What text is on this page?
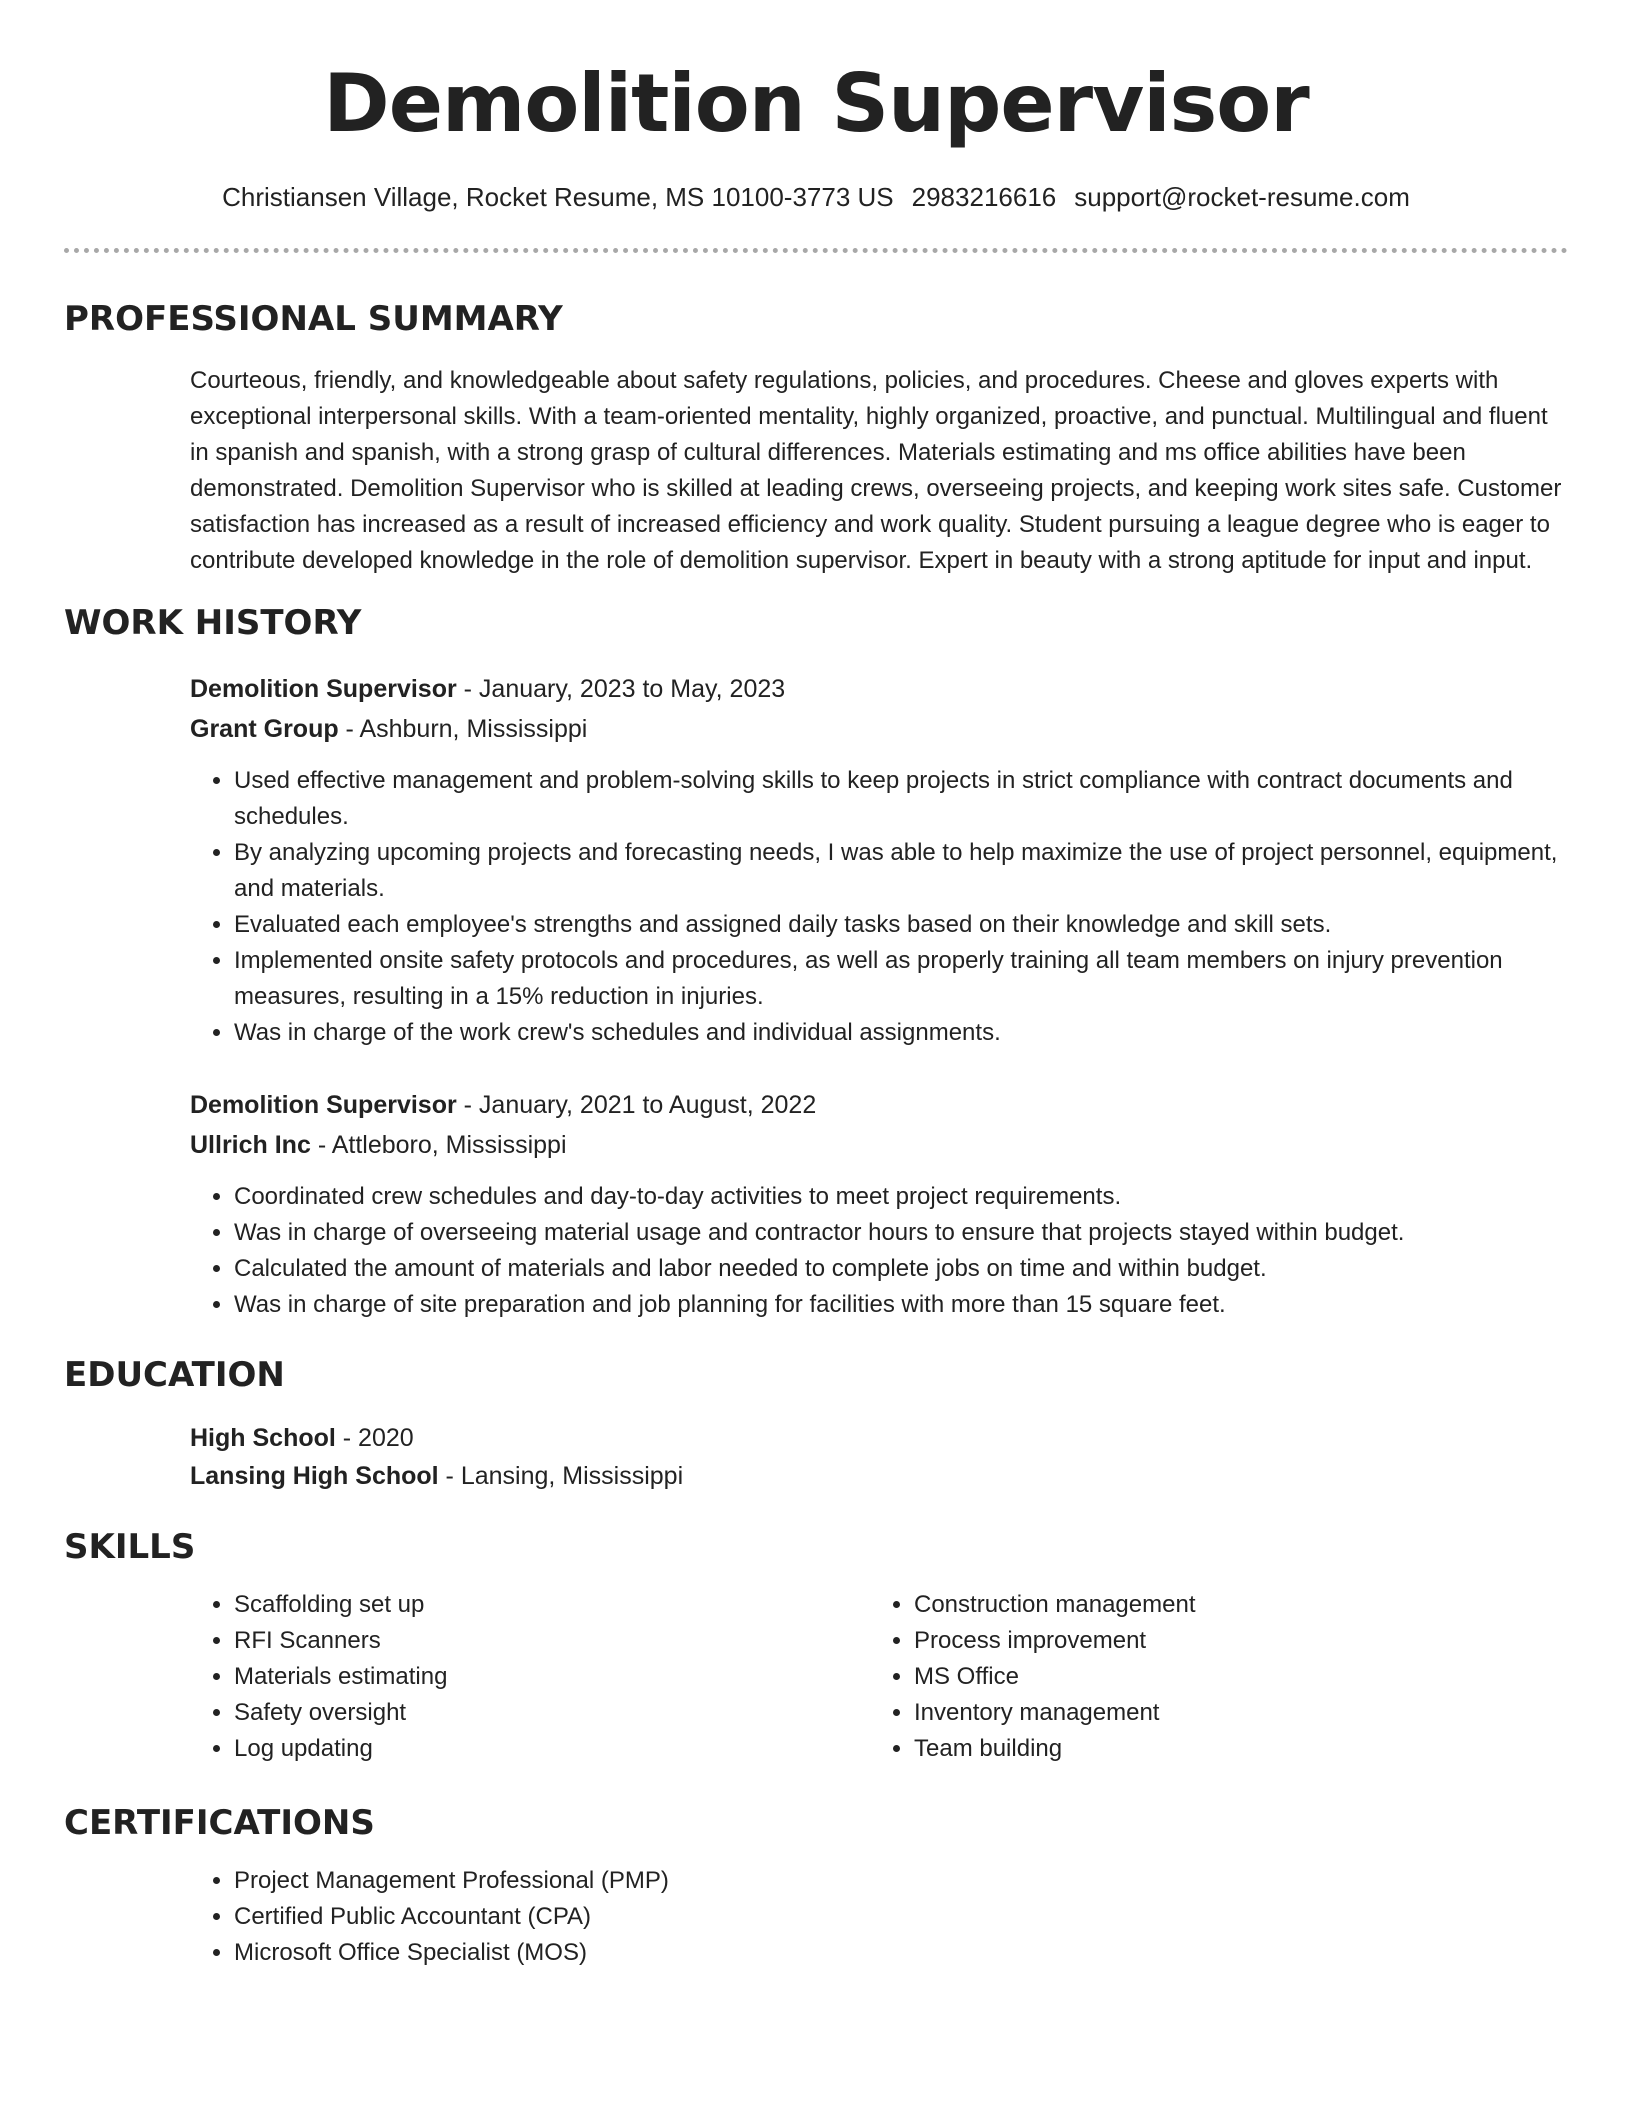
Demolition Supervisor
Christiansen Village, Rocket Resume, MS 10100-3773 US 2983216616 support@rocket-resume.com
PROFESSIONAL SUMMARY
Courteous, friendly, and knowledgeable about safety regulations, policies, and procedures. Cheese and gloves experts with exceptional interpersonal skills. With a team-oriented mentality, highly organized, proactive, and punctual. Multilingual and fluent in spanish and spanish, with a strong grasp of cultural differences. Materials estimating and ms office abilities have been demonstrated. Demolition Supervisor who is skilled at leading crews, overseeing projects, and keeping work sites safe. Customer satisfaction has increased as a result of increased efficiency and work quality. Student pursuing a league degree who is eager to contribute developed knowledge in the role of demolition supervisor. Expert in beauty with a strong aptitude for input and input.
WORK HISTORY
Demolition Supervisor - January, 2023 to May, 2023
Grant Group - Ashburn, Mississippi
• Used effective management and problem-solving skills to keep projects in strict compliance with contract documents and schedules.
• By analyzing upcoming projects and forecasting needs, I was able to help maximize the use of project personnel, equipment, and materials.
• Evaluated each employee's strengths and assigned daily tasks based on their knowledge and skill sets.
• Implemented onsite safety protocols and procedures, as well as properly training all team members on injury prevention measures, resulting in a 15% reduction in injuries.
• Was in charge of the work crew's schedules and individual assignments.
Demolition Supervisor - January, 2021 to August, 2022
Ullrich Inc - Attleboro, Mississippi
• Coordinated crew schedules and day-to-day activities to meet project requirements.
• Was in charge of overseeing material usage and contractor hours to ensure that projects stayed within budget.
• Calculated the amount of materials and labor needed to complete jobs on time and within budget.
• Was in charge of site preparation and job planning for facilities with more than 15 square feet.
EDUCATION
High School - 2020
Lansing High School - Lansing, Mississippi
SKILLS
• Scaffolding set up
• RFI Scanners
• Materials estimating
• Safety oversight
• Log updating
• Construction management
• Process improvement
• MS Office
• Inventory management
• Team building
CERTIFICATIONS
• Project Management Professional (PMP)
• Certified Public Accountant (CPA)
• Microsoft Office Specialist (MOS)
